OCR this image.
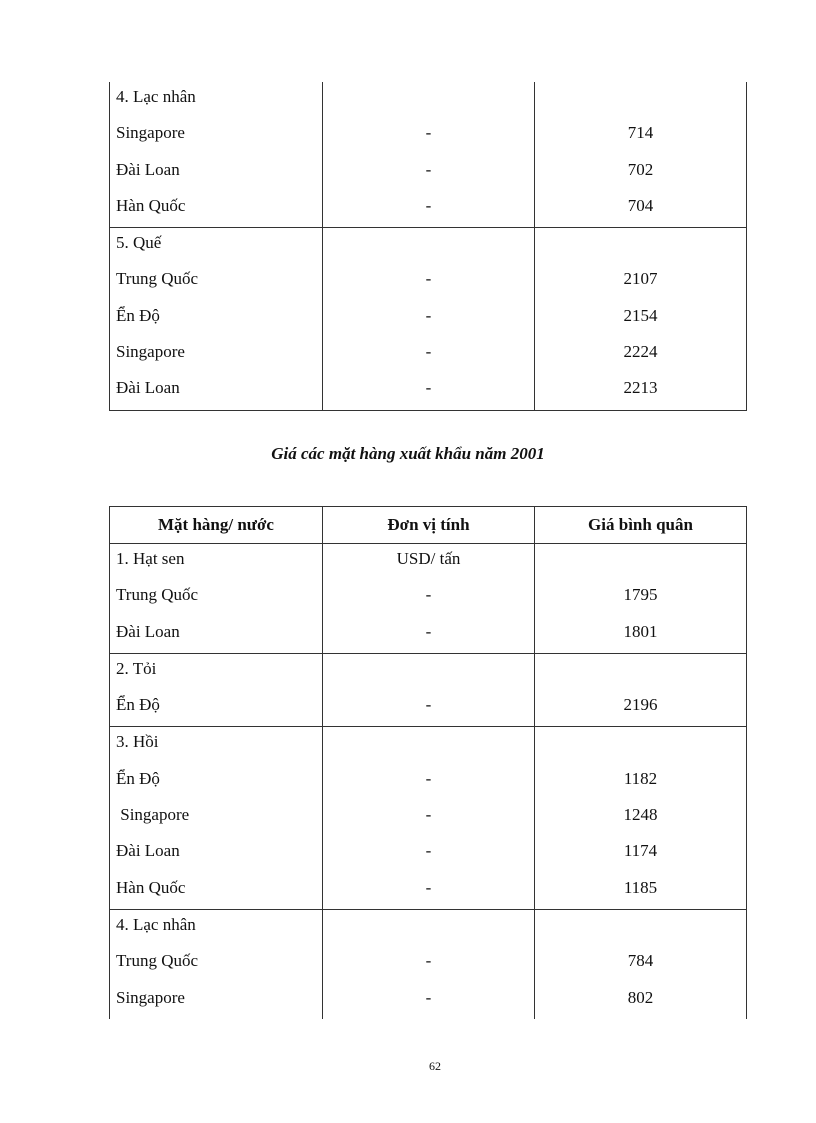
4. Lạc nhân		
Singapore	-	714
Đài Loan	-	702
Hàn Quốc	-	704
5. Quế		
Trung Quốc	-	2107
Ển Độ	-	2154
Singapore	-	2224
Đài Loan	-	2213
Giá các mặt hàng xuất khẩu năm 2001
Mặt hàng/ nước	Đơn vị tính	Giá bình quân
1. Hạt sen	USD/ tấn	
Trung Quốc	-	1795
Đài Loan	-	1801
2. Tỏi		
Ển Độ	-	2196
3. Hồi		
Ển Độ	-	1182
Singapore	-	1248
Đài Loan	-	1174
Hàn Quốc	-	1185
4. Lạc nhân		
Trung Quốc	-	784
Singapore	-	802
62
